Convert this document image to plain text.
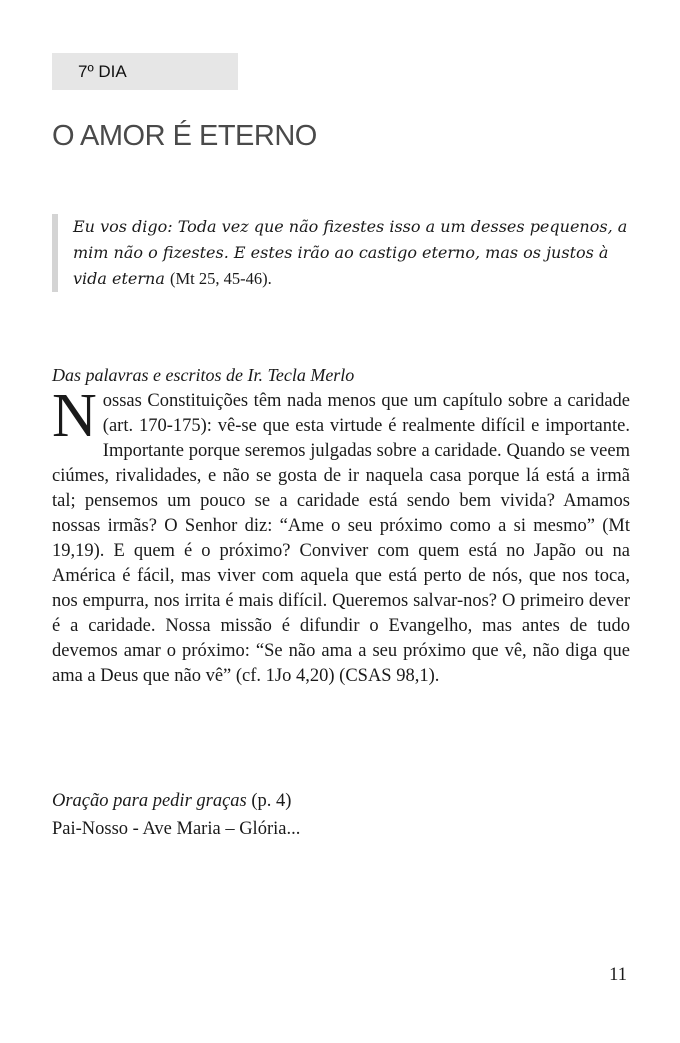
7º DIA
O AMOR É ETERNO
Eu vos digo: Toda vez que não fizestes isso a um desses pequenos, a mim não o fizestes. E estes irão ao castigo eterno, mas os justos à vida eterna (Mt 25, 45-46).
Das palavras e escritos de Ir. Tecla Merlo

Nossas Constituições têm nada menos que um capítulo sobre a caridade (art. 170-175): vê-se que esta virtude é realmente difícil e importante. Importante porque seremos julgadas sobre a caridade. Quando se veem ciúmes, rivalidades, e não se gosta de ir naquela casa porque lá está a irmã tal; pensemos um pouco se a caridade está sendo bem vivida? Amamos nossas irmãs? O Senhor diz: “Ame o seu próximo como a si mesmo” (Mt 19,19). E quem é o próximo? Conviver com quem está no Japão ou na América é fácil, mas viver com aquela que está perto de nós, que nos toca, nos empurra, nos irrita é mais difícil. Queremos salvar-nos? O primeiro dever é a caridade. Nossa missão é difundir o Evangelho, mas antes de tudo devemos amar o próximo: “Se não ama a seu próximo que vê, não diga que ama a Deus que não vê” (cf. 1Jo 4,20) (CSAS 98,1).

Oração para pedir graças (p. 4)
Pai-Nosso - Ave Maria – Glória...
11
